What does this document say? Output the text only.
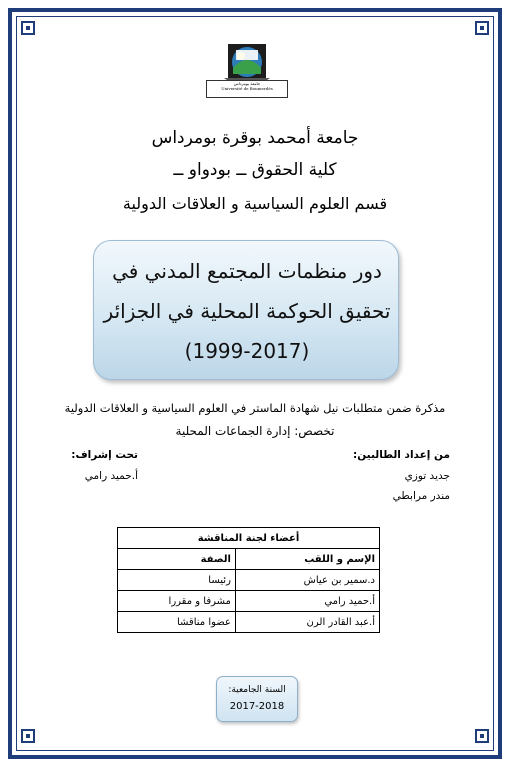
جامعة بومرداس
Université de Boumerdès
جامعة أمحمد بوقرة بومرداس
كلية الحقوق ــ بودواو ــ
قسم العلوم السياسية و العلاقات الدولية
دور منظمات المجتمع المدني في
تحقيق الحوكمة المحلية في الجزائر
(1999-2017)
مذكرة ضمن متطلبات نيل شهادة الماستر في العلوم السياسية و العلاقات الدولية
تخصص: إدارة الجماعات المحلية
من إعداد الطالبين:
جديد توزي
مندر مرابطي
تحت إشراف:
أ.حميد رامي
أعضاء لجنة المناقشة	
الإسم و اللقب	الصفة
د.سمير بن عياش	رئيسا
أ.حميد رامي	مشرفا و مقررا
أ.عبد القادر الرن	عضوا مناقشا
السنة الجامعية:
2017-2018
